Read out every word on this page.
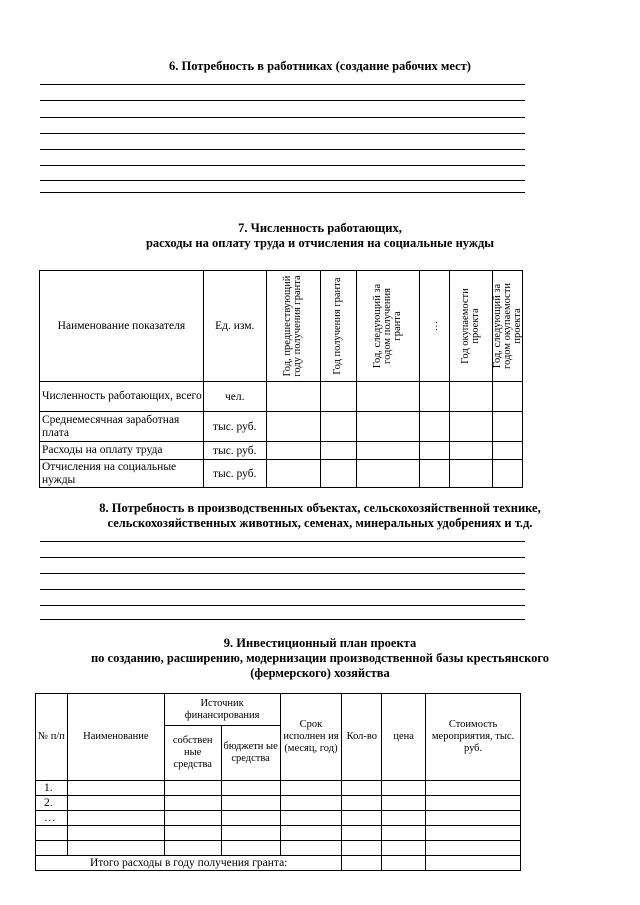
6. Потребность в работниках (создание рабочих мест)
7. Численность работающих,
расходы на оплату труда и отчисления на социальные нужды
Наименование показателя	Ед. изм.	Год, предшествующий году получения гранта	Год получения гранта	Год, следующий за годом получения гранта	…	Год окупаемости проекта	Год, следующий за годом окупаемости проекта

Численность работающих, всего	чел.						
Среднемесячная заработная плата	тыс. руб.						
Расходы на оплату труда	тыс. руб.						
Отчисления на социальные нужды	тыс. руб.						
8. Потребность в производственных объектах, сельскохозяйственной технике,
сельскохозяйственных животных, семенах, минеральных удобрениях и т.д.
9. Инвестиционный план проекта
по созданию, расширению, модернизации производственной базы крестьянского
(фермерского) хозяйства
№ п/п	Наименование	Источник финансирования		Срок исполнен ия (месяц, год)	Кол-во	цена	Стоимость мероприятия, тыс. руб.
		собствен ные средства	бюджетн ые средства				
1.							
2.							
…							

Итого расходы в году получения гранта:							
